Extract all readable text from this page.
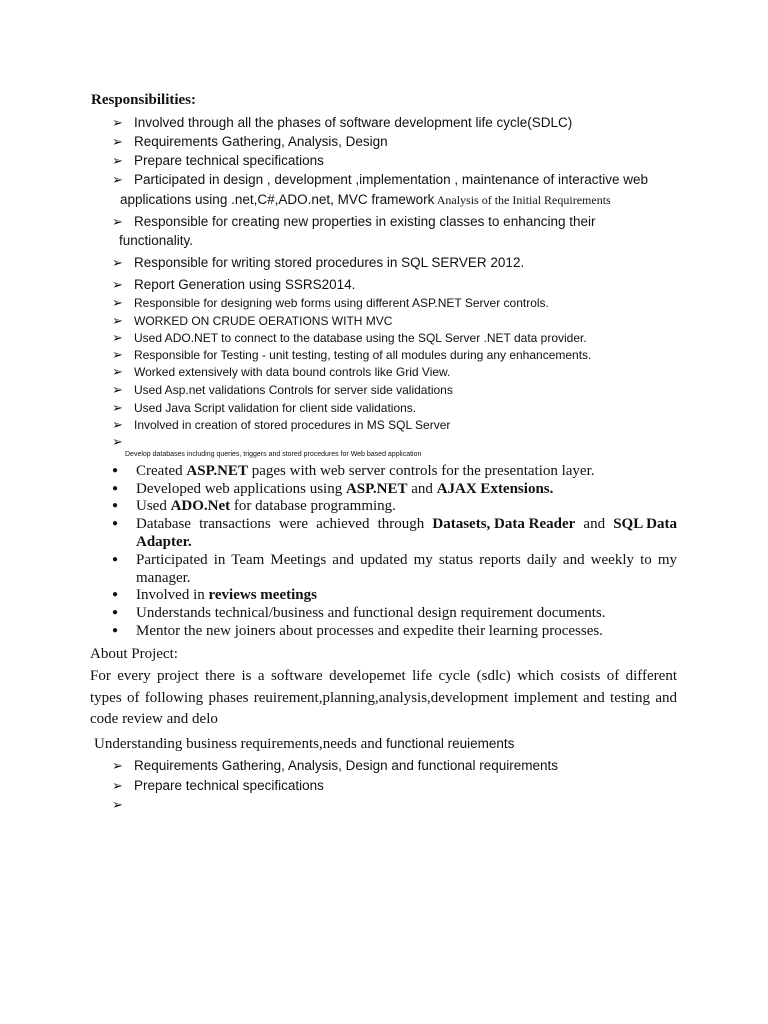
Responsibilities:
➢ Involved through all the phases of software development life cycle(SDLC)
➢ Requirements Gathering, Analysis, Design
➢ Prepare technical specifications
➢ Participated in design , development ,implementation , maintenance of interactive web
applications using .net,C#,ADO.net, MVC framework Analysis of the Initial Requirements
➢ Responsible for creating new properties in existing classes to enhancing their
functionality.
➢ Responsible for writing stored procedures in SQL SERVER 2012.
➢ Report Generation using SSRS2014.
➢ Responsible for designing web forms using different ASP.NET Server controls.
➢ WORKED ON CRUDE OERATIONS WITH MVC
➢ Used ADO.NET to connect to the database using the SQL Server .NET data provider.
➢ Responsible for Testing - unit testing, testing of all modules during any enhancements.
➢ Worked extensively with data bound controls like Grid View.
➢ Used Asp.net validations Controls for server side validations
➢ Used Java Script validation for client side validations.
➢ Involved in creation of stored procedures in MS SQL Server
➢
Develop databases including queries, triggers and stored procedures for Web based application
● Created ASP.NET pages with web server controls for the presentation layer.
● Developed web applications using ASP.NET and AJAX Extensions.
● Used ADO.Net for database programming.
●	Database transactions were achieved through Datasets, Data Reader and SQL Data
Adapter.
●	Participated in Team Meetings and updated my status reports daily and weekly to my
manager.
● Involved in reviews meetings
● Understands technical/business and functional design requirement documents.
● Mentor the new joiners about processes and expedite their learning processes.
About Project:
For every project there is a software developemet life cycle (sdlc) which cosists of different
types of following phases reuirement,planning,analysis,development implement and testing and
code review and delo
Understanding business requirements,needs and functional reuiements
➢ Requirements Gathering, Analysis, Design and functional requirements
➢ Prepare technical specifications
➢
